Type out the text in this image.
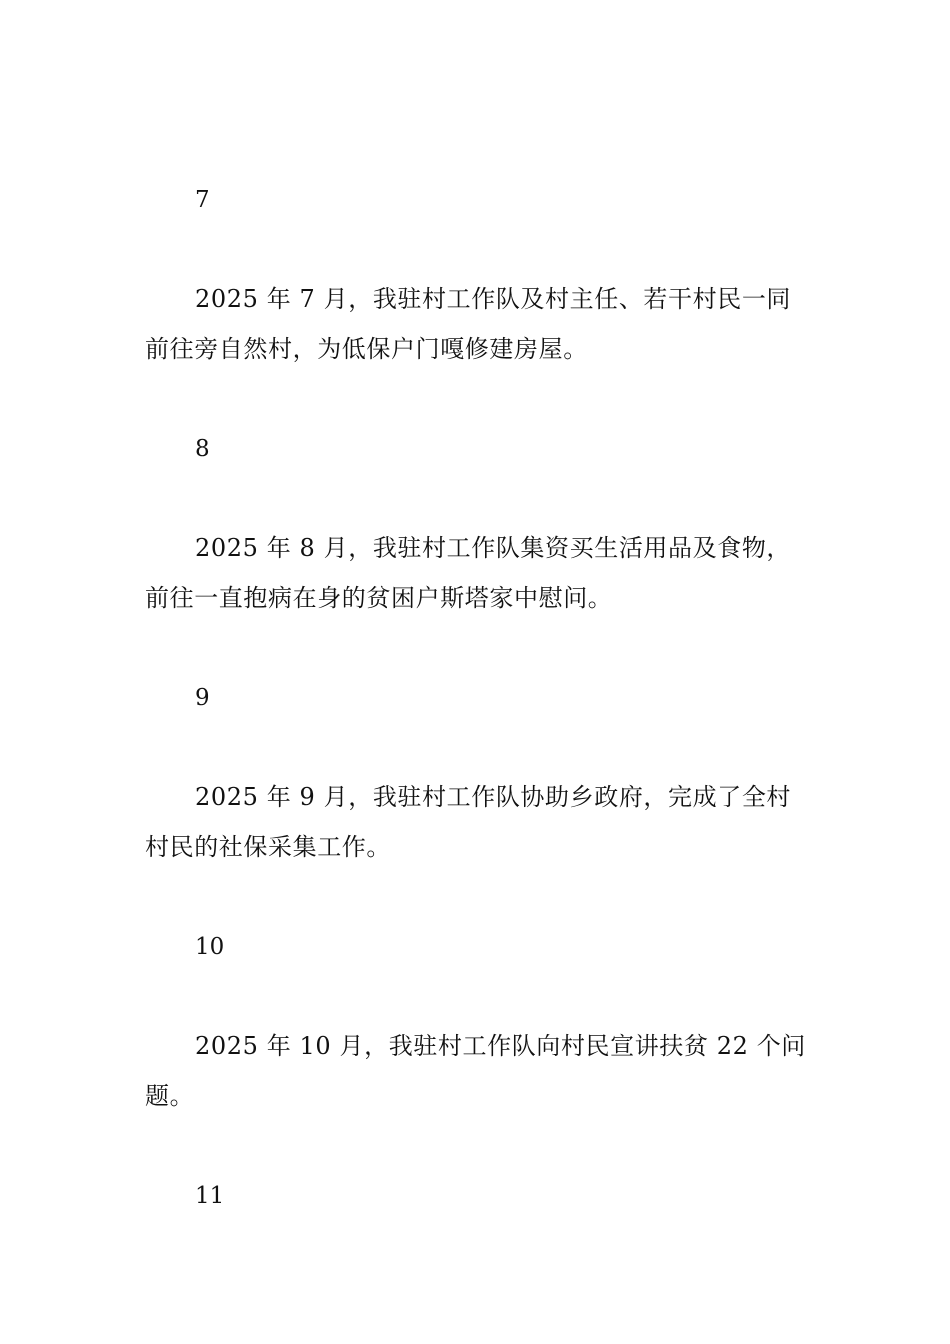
7
2025 年 7 月，我驻村工作队及村主任、若干村民一同
前往旁自然村，为低保户门嘎修建房屋。
8
2025 年 8 月，我驻村工作队集资买生活用品及食物，
前往一直抱病在身的贫困户斯塔家中慰问。
9
2025 年 9 月，我驻村工作队协助乡政府，完成了全村
村民的社保采集工作。
10
2025 年 10 月，我驻村工作队向村民宣讲扶贫 22 个问
题。
11
